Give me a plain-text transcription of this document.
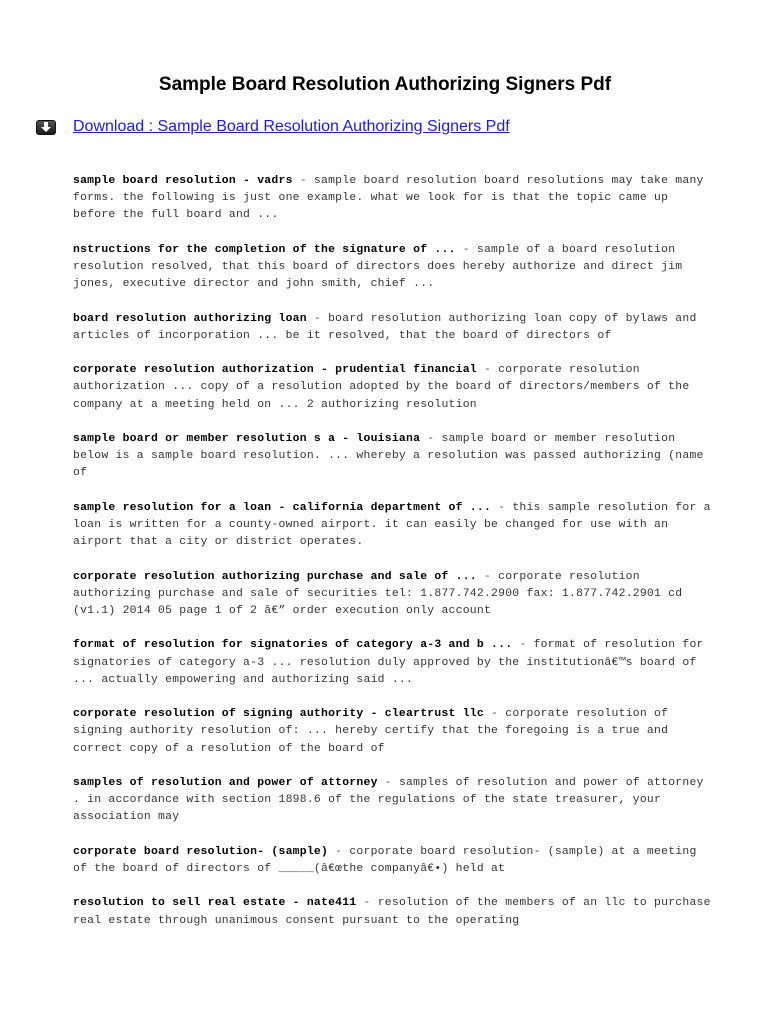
Sample Board Resolution Authorizing Signers Pdf
Download : Sample Board Resolution Authorizing Signers Pdf

sample board resolution - vadrs - sample board resolution board resolutions may take many forms. the following is just one example. what we look for is that the topic came up before the full board and ...

nstructions for the completion of the signature of ... - sample of a board resolution resolution resolved, that this board of directors does hereby authorize and direct jim jones, executive director and john smith, chief ...

board resolution authorizing loan - board resolution authorizing loan copy of bylaws and articles of incorporation ... be it resolved, that the board of directors of

corporate resolution authorization - prudential financial - corporate resolution authorization ... copy of a resolution adopted by the board of directors/members of the company at a meeting held on ... 2 authorizing resolution

sample board or member resolution s a - louisiana - sample board or member resolution below is a sample board resolution. ... whereby a resolution was passed authorizing (name of

sample resolution for a loan - california department of ... - this sample resolution for a loan is written for a county-owned airport. it can easily be changed for use with an airport that a city or district operates.

corporate resolution authorizing purchase and sale of ... - corporate resolution authorizing purchase and sale of securities tel: 1.877.742.2900 fax: 1.877.742.2901 cd (v1.1) 2014 05 page 1 of 2 â€” order execution only account

format of resolution for signatories of category a-3 and b ... - format of resolution for signatories of category a-3 ... resolution duly approved by the institutionâ€™s board of ... actually empowering and authorizing said ...

corporate resolution of signing authority - cleartrust llc - corporate resolution of signing authority resolution of: ... hereby certify that the foregoing is a true and correct copy of a resolution of the board of

samples of resolution and power of attorney - samples of resolution and power of attorney . in accordance with section 1898.6 of the regulations of the state treasurer, your association may

corporate board resolution- (sample) - corporate board resolution- (sample) at a meeting of the board of directors of _____(â€œthe companyâ€•) held at

resolution to sell real estate - nate411 - resolution of the members of an llc to purchase real estate through unanimous consent pursuant to the operating
